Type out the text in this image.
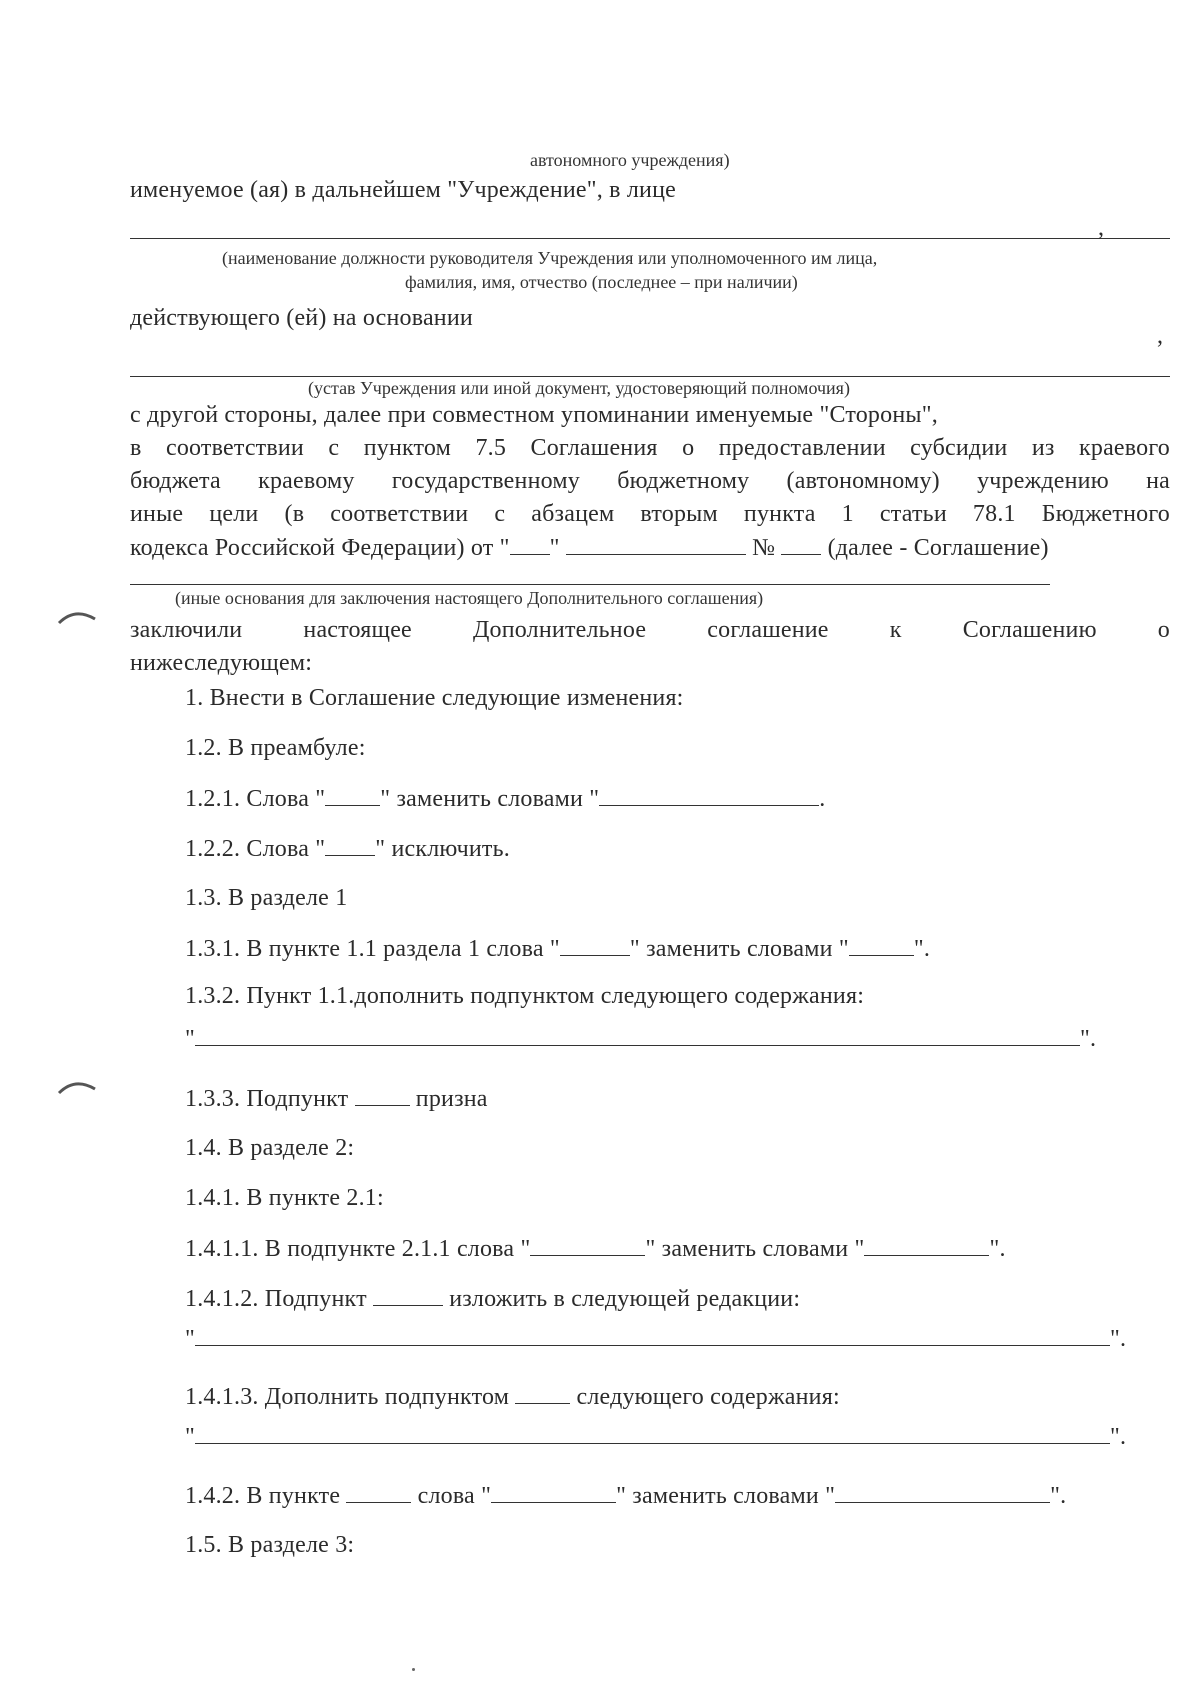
автономного учреждения)
именуемое (ая) в дальнейшем "Учреждение", в лице
,
(наименование должности руководителя Учреждения или уполномоченного им лица,
фамилия, имя, отчество (последнее – при наличии)
действующего (ей) на основании
,
(устав Учреждения или иной документ, удостоверяющий полномочия)
с другой стороны, далее при совместном упоминании именуемые "Стороны",
в соответствии с пунктом 7.5 Соглашения о предоставлении субсидии из краевого
бюджета краевому государственному бюджетному (автономному) учреждению на
иные цели (в соответствии с абзацем вторым пункта 1 статьи 78.1 Бюджетного
кодекса Российской Федерации) от " "	№ (далее - Соглашение)
(иные основания для заключения настоящего Дополнительного соглашения)
заключили настоящее Дополнительное соглашение к Соглашению о
нижеследующем:
1. Внести в Соглашение следующие изменения:
1.2. В преамбуле:
1.2.1. Слова " " заменить словами "	.
1.2.2. Слова " " исключить.
1.3. В разделе 1
1.3.1. В пункте 1.1 раздела 1 слова "	" заменить словами "	".
1.3.2. Пункт 1.1.дополнить подпунктом следующего содержания:
"	".
1.3.3. Подпункт	призна
1.4. В разделе 2:
1.4.1. В пункте 2.1:
1.4.1.1. В подпункте 2.1.1 слова "	" заменить словами "	".
1.4.1.2. Подпункт	изложить в следующей редакции:
"	".
1.4.1.3. Дополнить подпунктом	следующего содержания:
"	".
1.4.2. В пункте	слова "	" заменить словами "	".
1.5. В разделе 3:
